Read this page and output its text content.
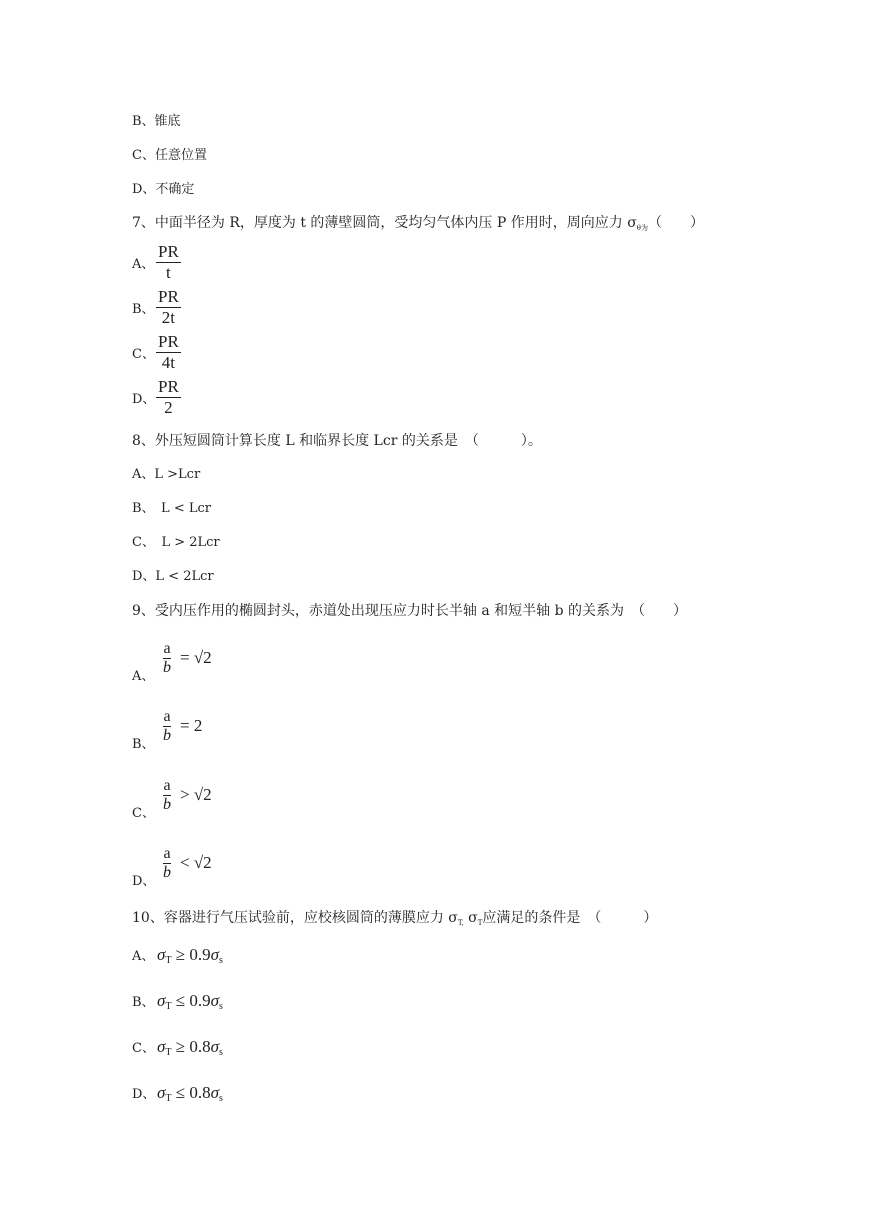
B、锥底
C、任意位置
D、不确定
7、中面半径为 R，厚度为 t 的薄壁圆筒，受均匀气体内压 P 作用时，周向应力 $\sigma_{\theta 为}$（　　）
A、
PR
t
B、
PR
2t
C、
PR
4t
D、
PR
2
8、外压短圆筒计算长度 L 和临界长度 Lcr 的关系是　（　　　）。
A、L >Lcr
B、　L < Lcr
C、　L > 2Lcr
D、L < 2Lcr
9、受内压作用的椭圆封头，赤道处出现压应力时长半轴 a 和短半轴 b 的关系为　（　　）
A、
a
b
= √2
B、
a
b
= 2
C、
a
b
> √2
D、
a
b
< √2
10、容器进行气压试验前，应校核圆筒的薄膜应力 $\sigma_{T,}$ $\sigma_T$应满足的条件是　（　　　）
A、 $\sigma_T \ge 0.9\sigma_s$
B、 $\sigma_T \le 0.9\sigma_s$
C、 $\sigma_T \ge 0.8\sigma_s$
D、 $\sigma_T \le 0.8\sigma_s$
